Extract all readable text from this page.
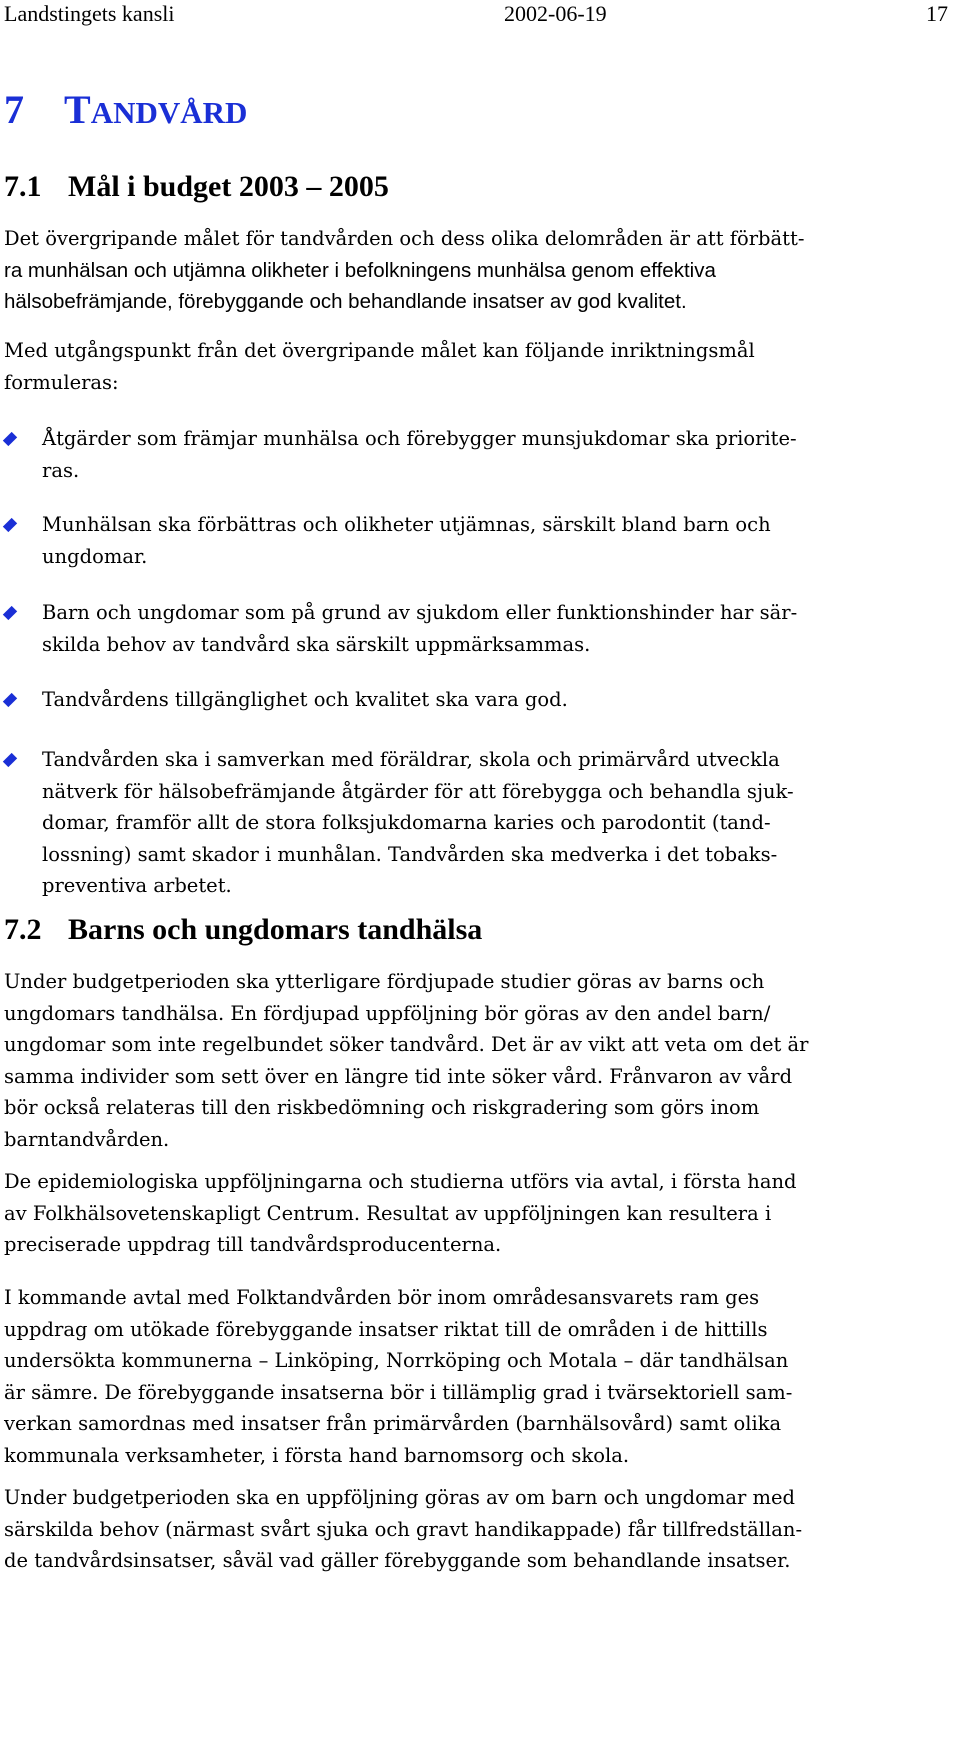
Landstingets kansli	2002-06-19	17
7 TANDVÅRD
7.1 Mål i budget 2003 – 2005
Det övergripande målet för tandvården och dess olika delområden är att förbätt-
ra munhälsan och utjämna olikheter i befolkningens munhälsa genom effektiva
hälsobefrämjande, förebyggande och behandlande insatser av god kvalitet.
Med utgångspunkt från det övergripande målet kan följande inriktningsmål
formuleras:
Åtgärder som främjar munhälsa och förebygger munsjukdomar ska priorite-
ras.
Munhälsan ska förbättras och olikheter utjämnas, särskilt bland barn och
ungdomar.
Barn och ungdomar som på grund av sjukdom eller funktionshinder har sär-
skilda behov av tandvård ska särskilt uppmärksammas.
Tandvårdens tillgänglighet och kvalitet ska vara god.
Tandvården ska i samverkan med föräldrar, skola och primärvård utveckla
nätverk för hälsobefrämjande åtgärder för att förebygga och behandla sjuk-
domar, framför allt de stora folksjukdomarna karies och parodontit (tand-
lossning) samt skador i munhålan. Tandvården ska medverka i det tobaks-
preventiva arbetet.
7.2 Barns och ungdomars tandhälsa
Under budgetperioden ska ytterligare fördjupade studier göras av barns och
ungdomars tandhälsa. En fördjupad uppföljning bör göras av den andel barn/
ungdomar som inte regelbundet söker tandvård. Det är av vikt att veta om det är
samma individer som sett över en längre tid inte söker vård. Frånvaron av vård
bör också relateras till den riskbedömning och riskgradering som görs inom
barntandvården.
De epidemiologiska uppföljningarna och studierna utförs via avtal, i första hand
av Folkhälsovetenskapligt Centrum. Resultat av uppföljningen kan resultera i
preciserade uppdrag till tandvårdsproducenterna.
I kommande avtal med Folktandvården bör inom områdesansvarets ram ges
uppdrag om utökade förebyggande insatser riktat till de områden i de hittills
undersökta kommunerna – Linköping, Norrköping och Motala – där tandhälsan
är sämre. De förebyggande insatserna bör i tillämplig grad i tvärsektoriell sam-
verkan samordnas med insatser från primärvården (barnhälsovård) samt olika
kommunala verksamheter, i första hand barnomsorg och skola.
Under budgetperioden ska en uppföljning göras av om barn och ungdomar med
särskilda behov (närmast svårt sjuka och gravt handikappade) får tillfredställan-
de tandvårdsinsatser, såväl vad gäller förebyggande som behandlande insatser.
